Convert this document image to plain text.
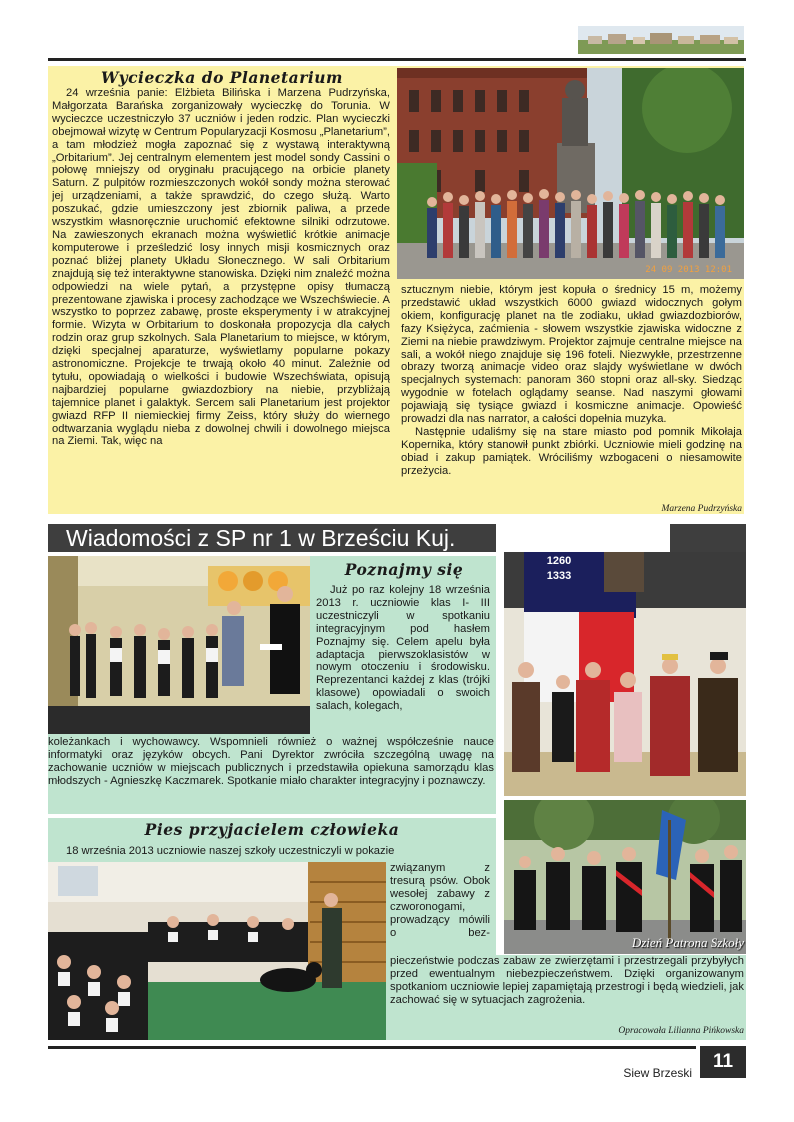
Wycieczka do Planetarium

24 września panie: Elżbieta Bilińska i Marzena Pudrzyńska, Małgorzata Barańska zorganizowały wycieczkę do Torunia. W wycieczce uczestniczyło 37 uczniów i jeden rodzic. Plan wycieczki obejmował wizytę w Centrum Popularyzacji Kosmosu „Planetarium”, a tam młodzież mogła zapoznać się z wystawą interaktywną „Orbitarium”. Jej centralnym elementem jest model sondy Cassini o połowę mniejszy od oryginału pracującego na orbicie planety Saturn. Z pulpitów rozmieszczonych wokół sondy można sterować jej urządzeniami, a także sprawdzić, do czego służą. Warto poszukać, gdzie umieszczony jest zbiornik paliwa, a przede wszystkim własnoręcznie uruchomić efektowne silniki odrzutowe. Na zawieszonych ekranach można wyświetlić krótkie animacje komputerowe i prześledzić losy innych misji kosmicznych oraz poznać bliżej planety Układu Słonecznego. W sali Orbitarium znajdują się też interaktywne stanowiska. Dzięki nim znaleźć można odpowiedzi na wiele pytań, a przystępne opisy tłumaczą prezentowane zjawiska i procesy zachodzące we Wszechświecie. A wszystko to poprzez zabawę, proste eksperymenty i w atrakcyjnej formie. Wizyta w Orbitarium to doskonała propozycja dla całych rodzin oraz grup szkolnych. Sala Planetarium to miejsce, w którym, dzięki specjalnej aparaturze, wyświetlamy popularne pokazy astronomiczne. Projekcje te trwają około 40 minut. Zależnie od tytułu, opowiadają o wielkości i budowie Wszechświata, opisują najbardziej popularne gwiazdozbiory na niebie, przybliżają tajemnice planet i galaktyk. Sercem sali Planetarium jest projektor gwiazd RFP II niemieckiej firmy Zeiss, który służy do wiernego odtwarzania wyglądu nieba z dowolnej chwili i dowolnego miejsca na Ziemi. Tak, więc na

24 09 2013 12:01

sztucznym niebie, którym jest kopuła o średnicy 15 m, możemy przedstawić układ wszystkich 6000 gwiazd widocznych gołym okiem, konfigurację planet na tle zodiaku, układ gwiazdozbiorów, fazy Księżyca, zaćmienia - słowem wszystkie zjawiska widoczne z Ziemi na niebie prawdziwym. Projektor zajmuje centralne miejsce na sali, a wokół niego znajduje się 196 foteli. Niezwykłe, przestrzenne obrazy tworzą animacje video oraz slajdy wyświetlane w dwóch specjalnych systemach: panoram 360 stopni oraz all-sky. Siedząc wygodnie w fotelach oglądamy seanse. Nad naszymi głowami pojawiają się tysiące gwiazd i kosmiczne animacje. Opowieść prowadzi dla nas narrator, a całości dopełnia muzyka.

Następnie udaliśmy się na stare miasto pod pomnik Mikołaja Kopernika, który stanowił punkt zbiórki. Uczniowie mieli godzinę na obiad i zakup pamiątek. Wróciliśmy wzbogaceni o niesamowite przeżycia.

Marzena Pudrzyńska
Wiadomości z SP nr 1 w Brześciu Kuj.
Poznajmy się

Już po raz kolejny 18 września 2013 r. uczniowie klas I- III uczestniczyli w spotkaniu integracyjnym pod hasłem Poznajmy się. Celem apelu była adaptacja pierwszoklasistów w nowym otoczeniu i środowisku. Reprezentanci każdej z klas (trójki klasowe) opowiadali o swoich salach, kolegach,

koleżankach i wychowawcy. Wspomnieli również o ważnej współcześnie nauce informatyki oraz języków obcych. Pani Dyrektor zwróciła szczególną uwagę na zachowanie uczniów w miejscach publicznych i przedstawiła opiekuna samorządu klas młodszych - Agnieszkę Kaczmarek. Spotkanie miało charakter integracyjny i poznawczy.

Pies przyjacielem człowieka

18 września 2013 uczniowie naszej szkoły uczestniczyli w pokazie

związanym z tresurą psów. Obok wesołej zabawy z czworonogami, prowadzący mówili o bez-

pieczeństwie podczas zabaw ze zwierzętami i przestrzegali przybyłych przed ewentualnym niebezpieczeństwem. Dzięki organizowanym spotkaniom uczniowie lepiej zapamiętają przestrogi i będą wiedzieli, jak zachować się w sytuacjach zagrożenia.

Opracowała Lilianna Pińkowska
1260
1333
Dzień Patrona Szkoły
Siew Brzeski
11
